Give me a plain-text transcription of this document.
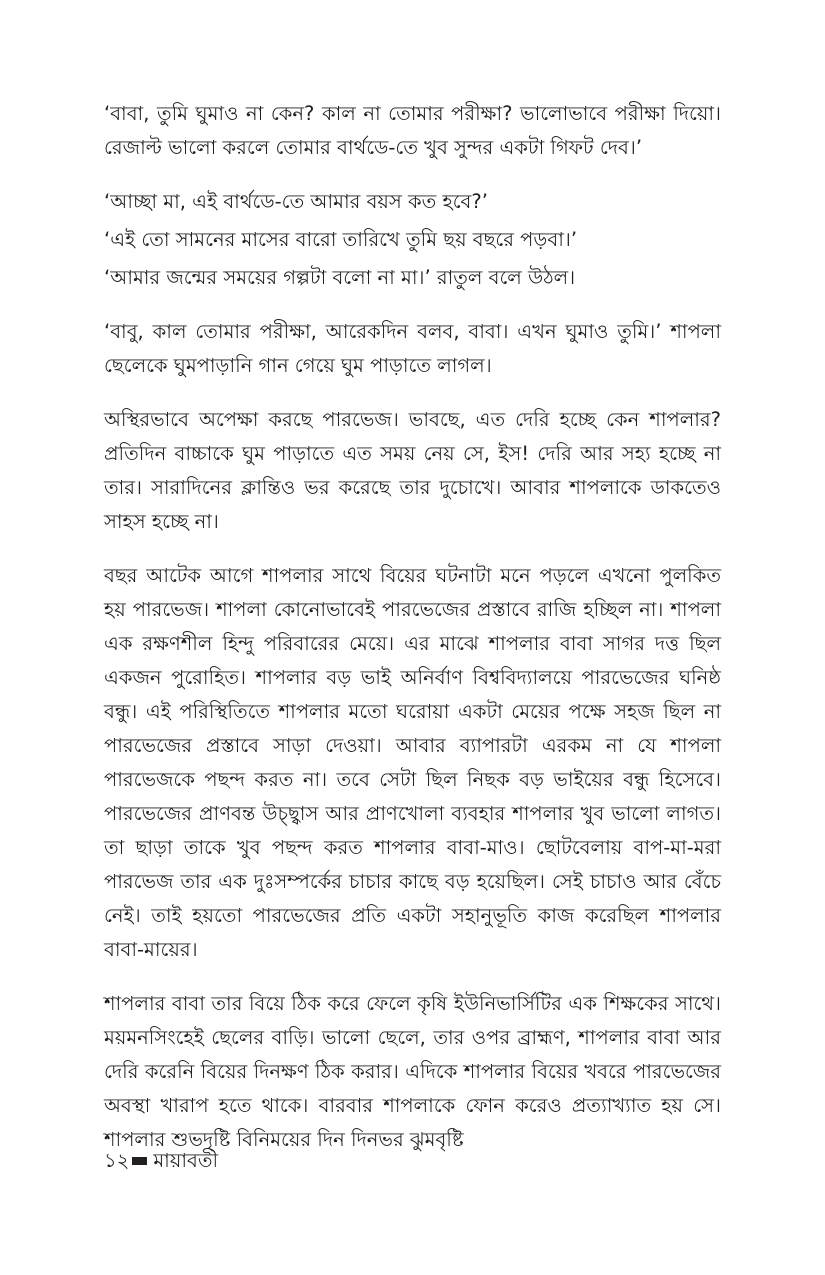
‘বাবা, তুমি ঘুমাও না কেন? কাল না তোমার পরীক্ষা? ভালোভাবে পরীক্ষা দিয়ো। রেজাল্ট ভালো করলে তোমার বার্থডে-তে খুব সুন্দর একটা গিফট দেব।’

‘আচ্ছা মা, এই বার্থডে-তে আমার বয়স কত হবে?’

‘এই তো সামনের মাসের বারো তারিখে তুমি ছয় বছরে পড়বা।’

‘আমার জন্মের সময়ের গল্পটা বলো না মা।’ রাতুল বলে উঠল।

‘বাবু, কাল তোমার পরীক্ষা, আরেকদিন বলব, বাবা। এখন ঘুমাও তুমি।’ শাপলা ছেলেকে ঘুমপাড়ানি গান গেয়ে ঘুম পাড়াতে লাগল।

অস্থিরভাবে অপেক্ষা করছে পারভেজ। ভাবছে, এত দেরি হচ্ছে কেন শাপলার? প্রতিদিন বাচ্চাকে ঘুম পাড়াতে এত সময় নেয় সে, ইস! দেরি আর সহ্য হচ্ছে না তার। সারাদিনের ক্লান্তিও ভর করেছে তার দুচোখে। আবার শাপলাকে ডাকতেও সাহস হচ্ছে না।

বছর আটেক আগে শাপলার সাথে বিয়ের ঘটনাটা মনে পড়লে এখনো পুলকিত হয় পারভেজ। শাপলা কোনোভাবেই পারভেজের প্রস্তাবে রাজি হচ্ছিল না। শাপলা এক রক্ষণশীল হিন্দু পরিবারের মেয়ে। এর মাঝে শাপলার বাবা সাগর দত্ত ছিল একজন পুরোহিত। শাপলার বড় ভাই অনির্বাণ বিশ্ববিদ্যালয়ে পারভেজের ঘনিষ্ঠ বন্ধু। এই পরিস্থিতিতে শাপলার মতো ঘরোয়া একটা মেয়ের পক্ষে সহজ ছিল না পারভেজের প্রস্তাবে সাড়া দেওয়া। আবার ব্যাপারটা এরকম না যে শাপলা পারভেজকে পছন্দ করত না। তবে সেটা ছিল নিছক বড় ভাইয়ের বন্ধু হিসেবে। পারভেজের প্রাণবন্ত উচ্ছ্বাস আর প্রাণখোলা ব্যবহার শাপলার খুব ভালো লাগত। তা ছাড়া তাকে খুব পছন্দ করত শাপলার বাবা-মাও। ছোটবেলায় বাপ-মা-মরা পারভেজ তার এক দুঃসম্পর্কের চাচার কাছে বড় হয়েছিল। সেই চাচাও আর বেঁচে নেই। তাই হয়তো পারভেজের প্রতি একটা সহানুভূতি কাজ করেছিল শাপলার বাবা-মায়ের।

শাপলার বাবা তার বিয়ে ঠিক করে ফেলে কৃষি ইউনিভার্সিটির এক শিক্ষকের সাথে। ময়মনসিংহেই ছেলের বাড়ি। ভালো ছেলে, তার ওপর ব্রাহ্মণ, শাপলার বাবা আর দেরি করেনি বিয়ের দিনক্ষণ ঠিক করার। এদিকে শাপলার বিয়ের খবরে পারভেজের অবস্থা খারাপ হতে থাকে। বারবার শাপলাকে ফোন করেও প্রত্যাখ্যাত হয় সে। শাপলার শুভদৃষ্টি বিনিময়ের দিন দিনভর ঝুমবৃষ্টি

১২ মায়াবতী
